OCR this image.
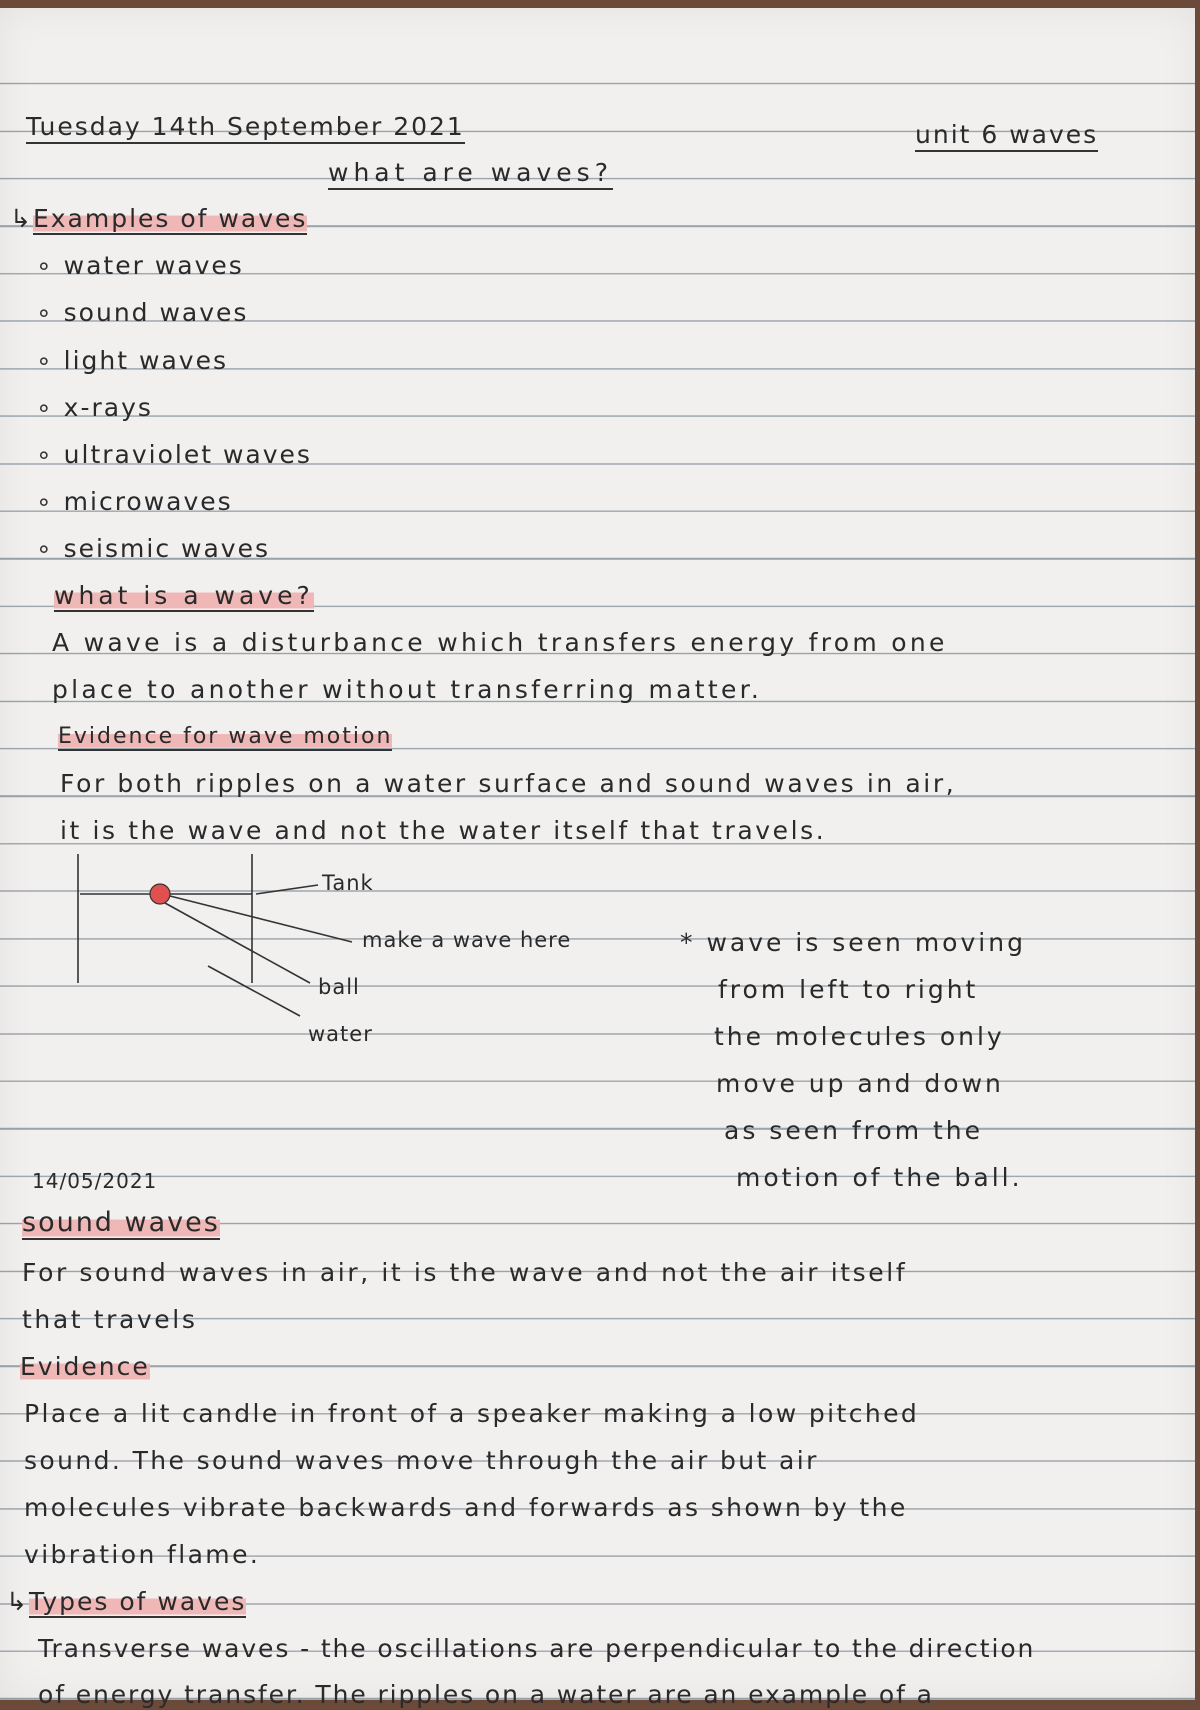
Tuesday 14th September 2021	unit 6 waves
what are waves?
↳Examples of waves
∘ water waves
∘ sound waves
∘ light waves
∘ x-rays
∘ ultraviolet waves
∘ microwaves
∘ seismic waves
what is a wave?
A wave is a disturbance which transfers energy from one
place to another without transferring matter.
Evidence for wave motion
For both ripples on a water surface and sound waves in air,
it is the wave and not the water itself that travels.
Tank
make a wave here
ball
water
* wave is seen moving
from left to right
the molecules only
move up and down
as seen from the
motion of the ball.
14/05/2021
sound waves
For sound waves in air, it is the wave and not the air itself
that travels
Evidence
Place a lit candle in front of a speaker making a low pitched
sound. The sound waves move through the air but air
molecules vibrate backwards and forwards as shown by the
vibration flame.
↳Types of waves
Transverse waves - the oscillations are perpendicular to the direction
of energy transfer. The ripples on a water are an example of a
